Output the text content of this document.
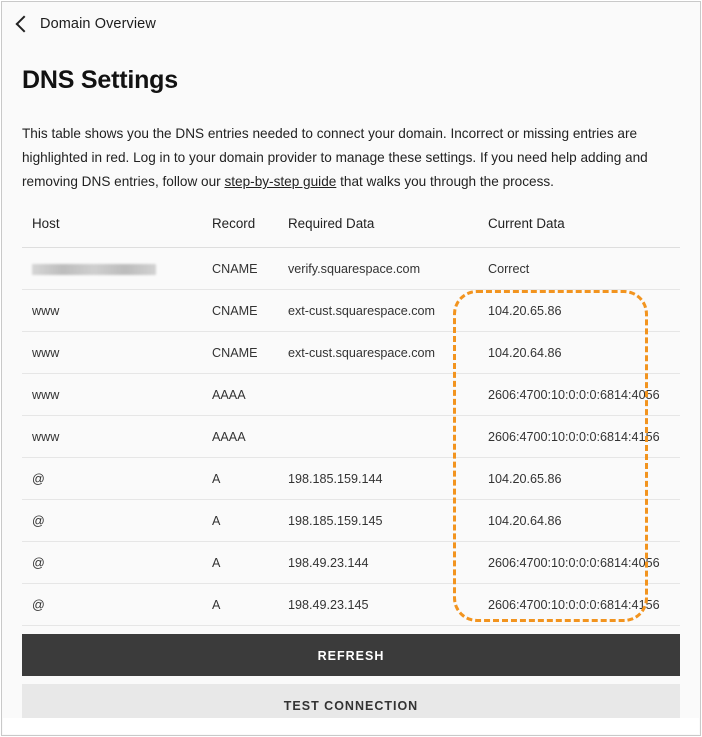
Domain Overview
DNS Settings

This table shows you the DNS entries needed to connect your domain. Incorrect or missing entries are highlighted in red. Log in to your domain provider to manage these settings. If you need help adding and removing DNS entries, follow our step-by-step guide that walks you through the process.

Host	Record	Required Data	Current Data
	CNAME	verify.squarespace.com	Correct
www	CNAME	ext-cust.squarespace.com	104.20.65.86
www	CNAME	ext-cust.squarespace.com	104.20.64.86
www	AAAA		2606:4700:10:0:0:0:6814:4056
www	AAAA		2606:4700:10:0:0:0:6814:4156
@	A	198.185.159.144	104.20.65.86
@	A	198.185.159.145	104.20.64.86
@	A	198.49.23.144	2606:4700:10:0:0:0:6814:4056
@	A	198.49.23.145	2606:4700:10:0:0:0:6814:4156
REFRESH
TEST CONNECTION
